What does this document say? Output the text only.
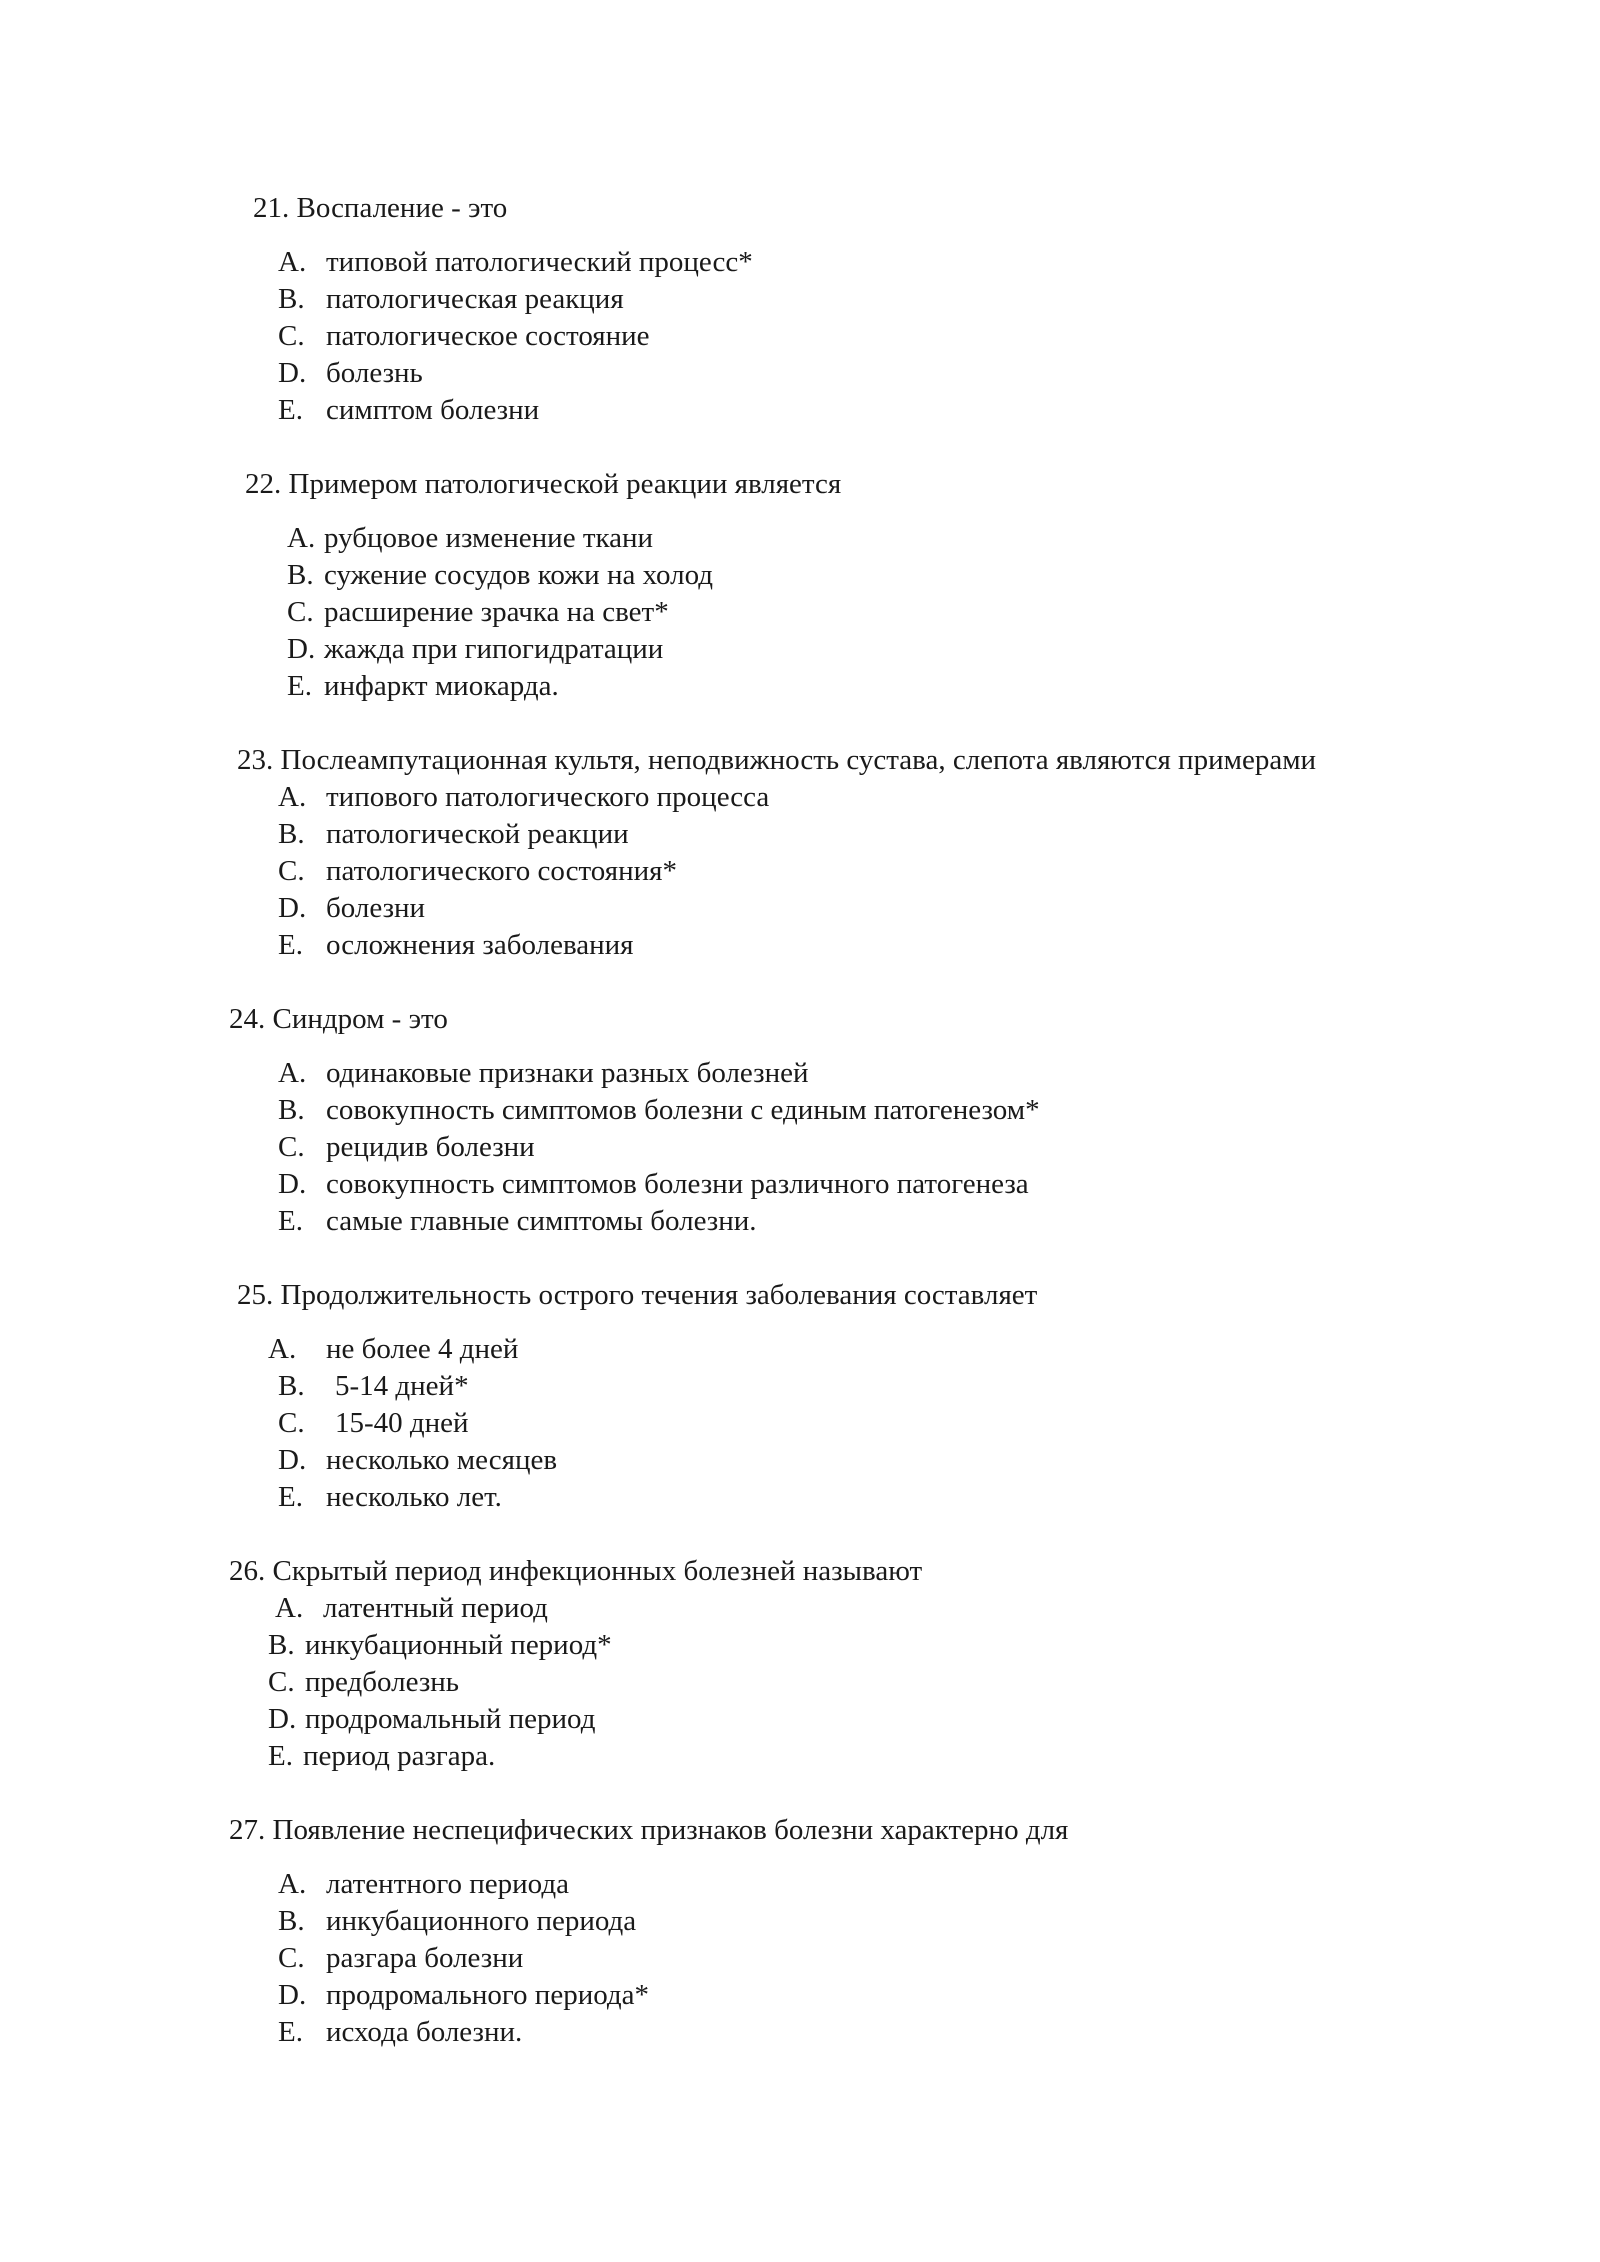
21. Воспаление - это
A. типовой патологический процесс*
B. патологическая реакция
C. патологическое состояние
D. болезнь
E. симптом болезни
22. Примером патологической реакции является
A. рубцовое изменение ткани
B. сужение сосудов кожи на холод
C. расширение зрачка на свет*
D. жажда при гипогидратации
E. инфаркт миокарда.
23. Послеампутационная культя, неподвижность сустава, слепота являются примерами
A. типового патологического процесса
B. патологической реакции
C. патологического состояния*
D. болезни
E. осложнения заболевания
24. Синдром - это
A. одинаковые признаки разных болезней
B. совокупность симптомов болезни с единым патогенезом*
C. рецидив болезни
D. совокупность симптомов болезни различного патогенеза
E. самые главные симптомы болезни.
25. Продолжительность острого течения заболевания составляет
A. не более 4 дней
B. 5-14 дней*
C. 15-40 дней
D. несколько месяцев
E. несколько лет.
26. Скрытый период инфекционных болезней называют
A. латентный период
B. инкубационный период*
C. предболезнь
D. продромальный период
E. период разгара.
27. Появление неспецифических признаков болезни характерно для
A. латентного периода
B. инкубационного периода
C. разгара болезни
D. продромального периода*
E. исхода болезни.
